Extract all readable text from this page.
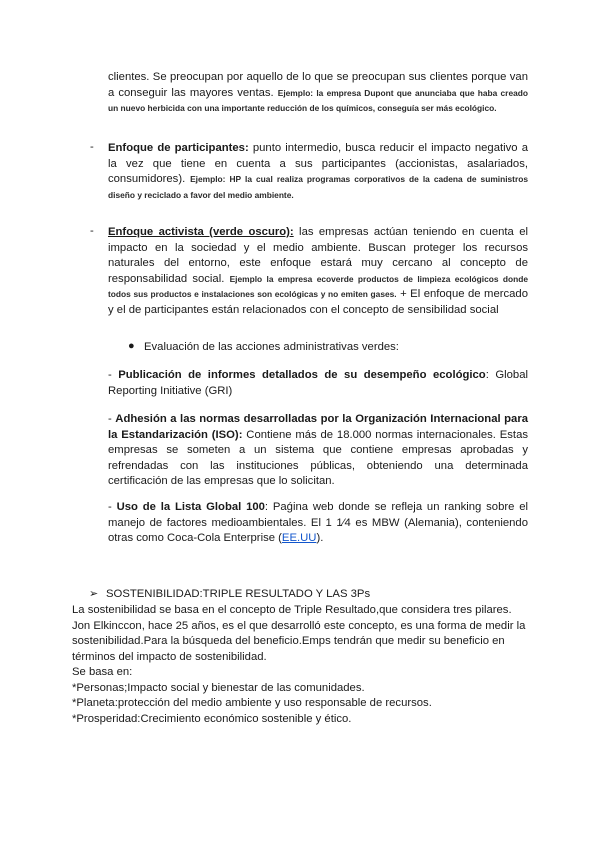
clientes. Se preocupan por aquello de lo que se preocupan sus clientes porque van a conseguir las mayores ventas. Ejemplo: la empresa Dupont que anunciaba que haba creado un nuevo herbicida con una importante reducción de los químicos, conseguía ser más ecológico.
- Enfoque de participantes: punto intermedio, busca reducir el impacto negativo a la vez que tiene en cuenta a sus participantes (accionistas, asalariados, consumidores). Ejemplo: HP la cual realiza programas corporativos de la cadena de suministros diseño y reciclado a favor del medio ambiente.
- Enfoque activista (verde oscuro): las empresas actúan teniendo en cuenta el impacto en la sociedad y el medio ambiente. Buscan proteger los recursos naturales del entorno, este enfoque estará muy cercano al concepto de responsabilidad social. Ejemplo la empresa ecoverde productos de limpieza ecológicos donde todos sus productos e instalaciones son ecológicas y no emiten gases. + El enfoque de mercado y el de participantes están relacionados con el concepto de sensibilidad social
● Evaluación de las acciones administrativas verdes:
- Publicación de informes detallados de su desempeño ecológico: Global Reporting Initiative (GRI)
- Adhesión a las normas desarrolladas por la Organización Internacional para la Estandarización (ISO): Contiene más de 18.000 normas internacionales. Estas empresas se someten a un sistema que contiene empresas aprobadas y refrendadas con las instituciones públicas, obteniendo una determinada certificación de las empresas que lo solicitan.
- Uso de la Lista Global 100: Paǵina web donde se refleja un ranking sobre el manejo de factores medioambientales. El 1 1⁄4 es MBW (Alemania), conteniendo otras como Coca-Cola Enterprise (EE.UU).
➢ SOSTENIBILIDAD:TRIPLE RESULTADO Y LAS 3Ps
La sostenibilidad se basa en el concepto de Triple Resultado,que considera tres pilares.
Jon Elkinccon, hace 25 años, es el que desarrolló este concepto, es una forma de medir la
sostenibilidad.Para la búsqueda del beneficio.Emps tendrán que medir su beneficio en
términos del impacto de sostenibilidad.
Se basa en:
*Personas;Impacto social y bienestar de las comunidades.
*Planeta:protección del medio ambiente y uso responsable de recursos.
*Prosperidad:Crecimiento económico sostenible y ético.
